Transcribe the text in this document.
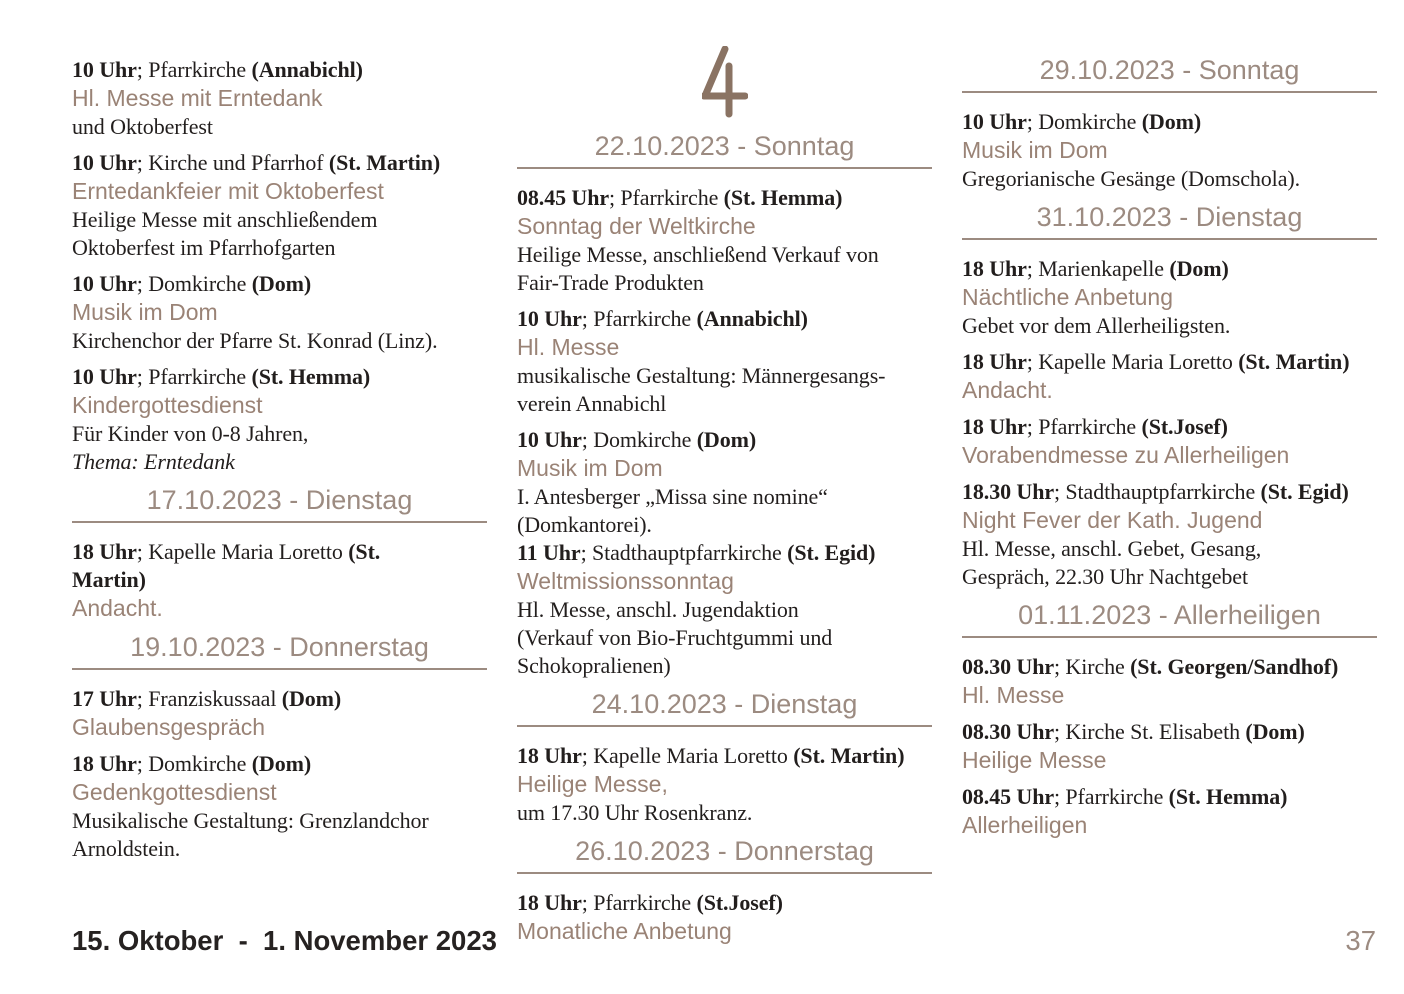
10 Uhr; Pfarrkirche (Annabichl)
Hl. Messe mit Erntedank
und Oktoberfest
10 Uhr; Kirche und Pfarrhof (St. Martin)
Erntedankfeier mit Oktoberfest
Heilige Messe mit anschließendem
Oktoberfest im Pfarrhofgarten
10 Uhr; Domkirche (Dom)
Musik im Dom
Kirchenchor der Pfarre St. Konrad (Linz).
10 Uhr; Pfarrkirche (St. Hemma)
Kindergottesdienst
Für Kinder von 0-8 Jahren,
Thema: Erntedank
17.10.2023 - Dienstag
18 Uhr; Kapelle Maria Loretto (St.
Martin)
Andacht.
19.10.2023 - Donnerstag
17 Uhr; Franziskussaal (Dom)
Glaubensgespräch
18 Uhr; Domkirche (Dom)
Gedenkgottesdienst
Musikalische Gestaltung: Grenzlandchor
Arnoldstein.
22.10.2023 - Sonntag
08.45 Uhr; Pfarrkirche (St. Hemma)
Sonntag der Weltkirche
Heilige Messe, anschließend Verkauf von
Fair-Trade Produkten
10 Uhr; Pfarrkirche (Annabichl)
Hl. Messe
musikalische Gestaltung: Männergesangs-
verein Annabichl
10 Uhr; Domkirche (Dom)
Musik im Dom
I. Antesberger „Missa sine nomine“
(Domkantorei).
11 Uhr; Stadthauptpfarrkirche (St. Egid)
Weltmissionssonntag
Hl. Messe, anschl. Jugendaktion
(Verkauf von Bio-Fruchtgummi und
Schokopralienen)
24.10.2023 - Dienstag
18 Uhr; Kapelle Maria Loretto (St. Martin)
Heilige Messe,
um 17.30 Uhr Rosenkranz.
26.10.2023 - Donnerstag
18 Uhr; Pfarrkirche (St.Josef)
Monatliche Anbetung
29.10.2023 - Sonntag
10 Uhr; Domkirche (Dom)
Musik im Dom
Gregorianische Gesänge (Domschola).
31.10.2023 - Dienstag
18 Uhr; Marienkapelle (Dom)
Nächtliche Anbetung
Gebet vor dem Allerheiligsten.
18 Uhr; Kapelle Maria Loretto (St. Martin)
Andacht.
18 Uhr; Pfarrkirche (St.Josef)
Vorabendmesse zu Allerheiligen
18.30 Uhr; Stadthauptpfarrkirche (St. Egid)
Night Fever der Kath. Jugend
Hl. Messe, anschl. Gebet, Gesang,
Gespräch, 22.30 Uhr Nachtgebet
01.11.2023 - Allerheiligen
08.30 Uhr; Kirche (St. Georgen/Sandhof)
Hl. Messe
08.30 Uhr; Kirche St. Elisabeth (Dom)
Heilige Messe
08.45 Uhr; Pfarrkirche (St. Hemma)
Allerheiligen
15. Oktober  -  1. November 2023	37
